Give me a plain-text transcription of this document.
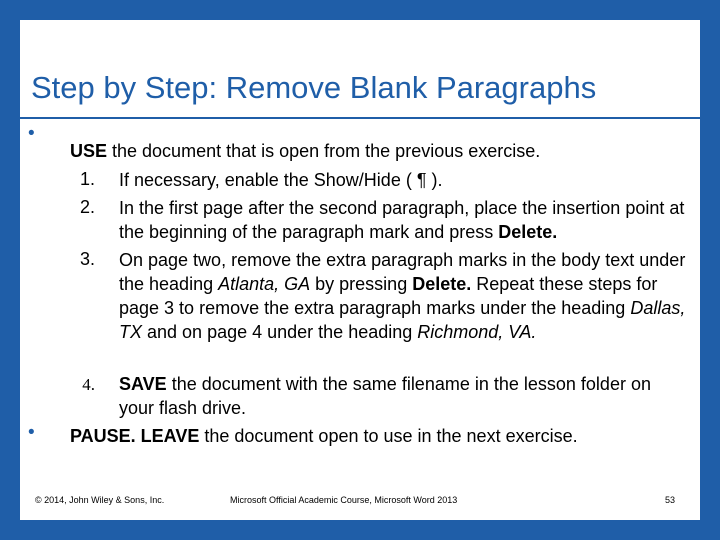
Step by Step: Remove Blank Paragraphs
•
USE the document that is open from the previous exercise.
1. If necessary, enable the Show/Hide ( ¶ ).
2. In the first page after the second paragraph, place the insertion point at the beginning of the paragraph mark and press Delete.
3. On page two, remove the extra paragraph marks in the body text under the heading Atlanta, GA by pressing Delete. Repeat these steps for page 3 to remove the extra paragraph marks under the heading Dallas, TX and on page 4 under the heading Richmond, VA.
4. SAVE the document with the same filename in the lesson folder on your flash drive.
• PAUSE. LEAVE the document open to use in the next exercise.
© 2014, John Wiley & Sons, Inc.	Microsoft Official Academic Course, Microsoft Word 2013	53
